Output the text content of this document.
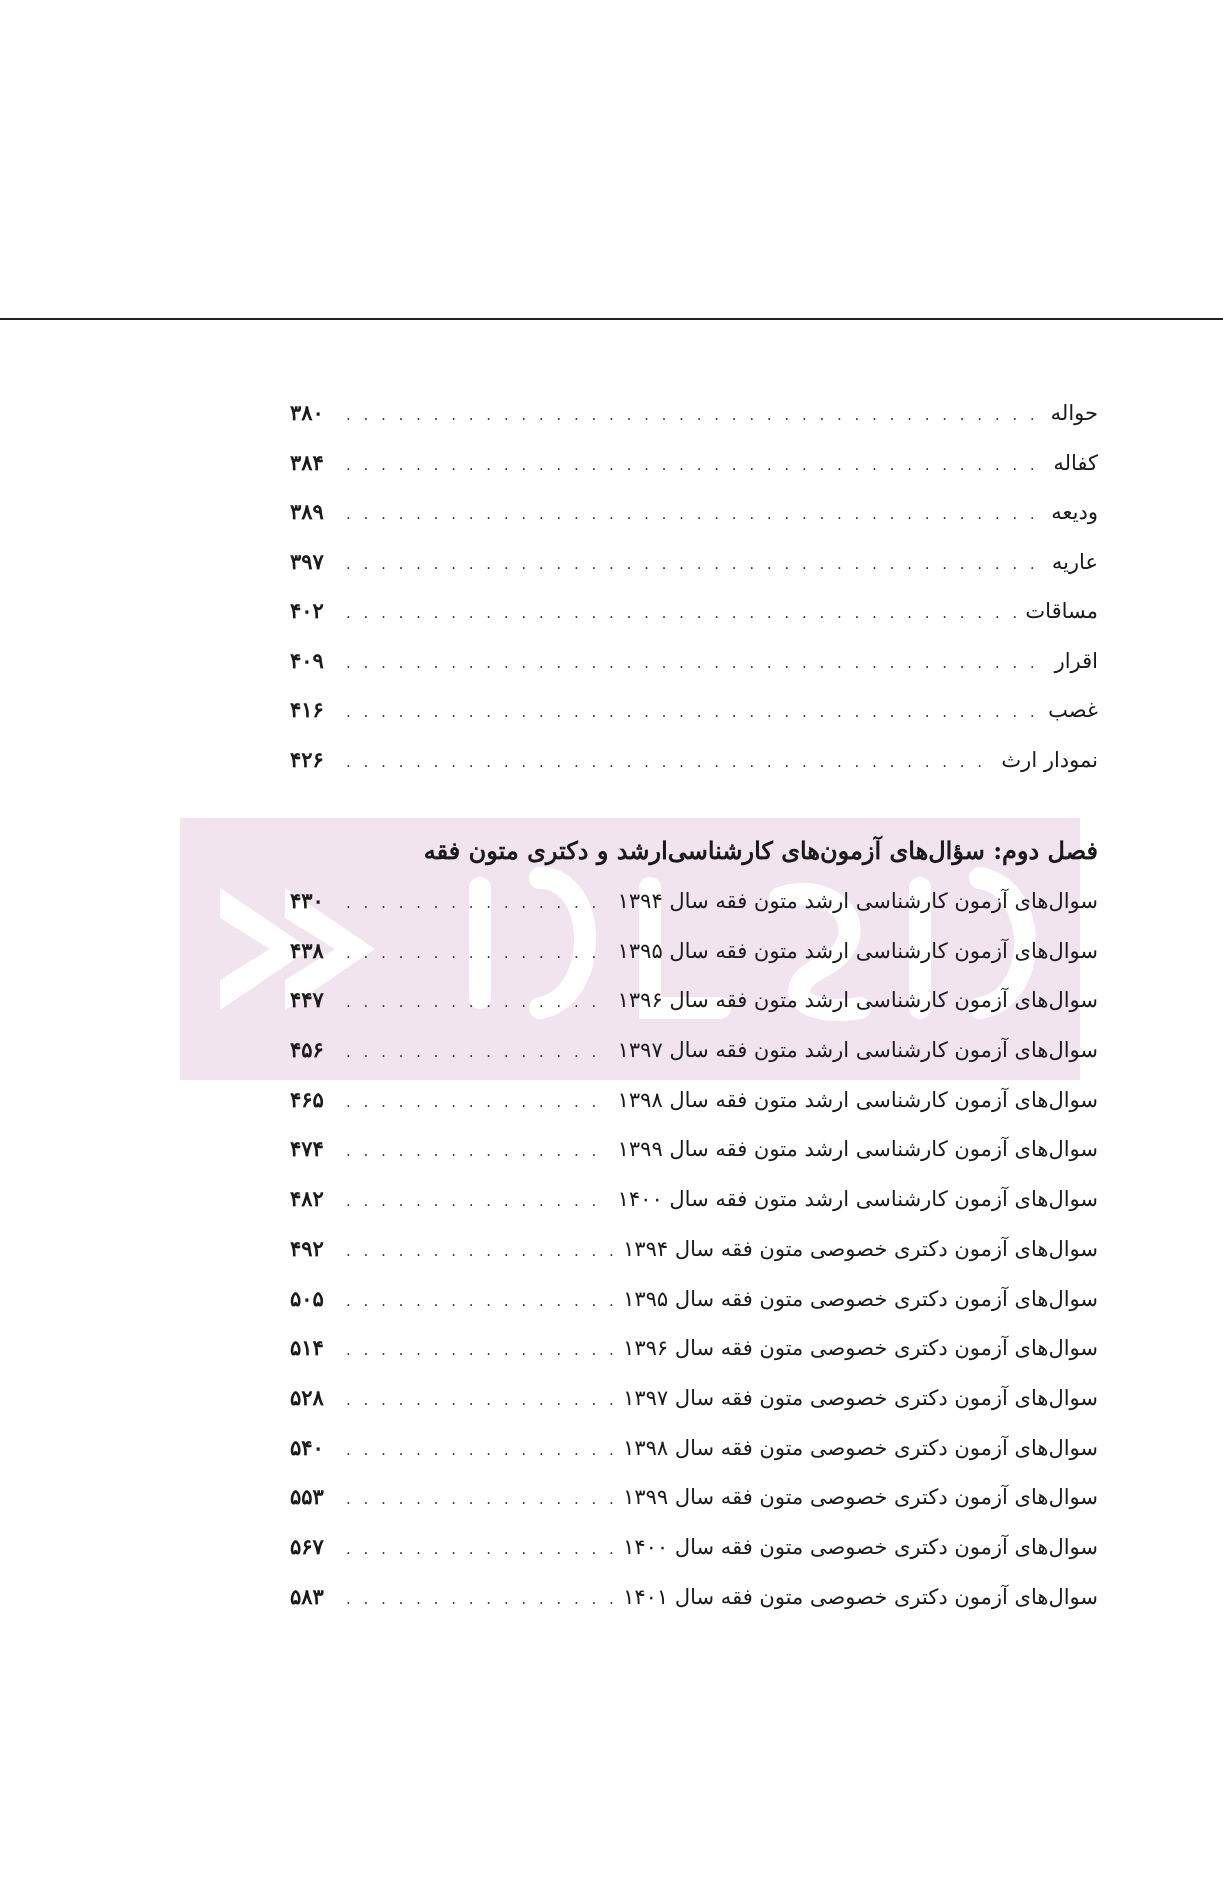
حواله
. . .
۳۸۰
کفاله
. . .
۳۸۴
ودیعه
. . .
۳۸۹
عاریه
. . .
۳۹۷
مساقات
. . .
۴۰۲
اقرار
. . .
۴۰۹
غصب
. . .
۴۱۶
نمودار ارث
. . .
۴۲۶
فصل دوم: سؤال‌های آزمون‌های کارشناسی‌ارشد و دکتری متون فقه
سوال‌های آزمون کارشناسی ارشد متون فقه سال ۱۳۹۴
. . .
۴۳۰
سوال‌های آزمون کارشناسی ارشد متون فقه سال ۱۳۹۵
. . .
۴۳۸
سوال‌های آزمون کارشناسی ارشد متون فقه سال ۱۳۹۶
. . .
۴۴۷
سوال‌های آزمون کارشناسی ارشد متون فقه سال ۱۳۹۷
. . .
۴۵۶
سوال‌های آزمون کارشناسی ارشد متون فقه سال ۱۳۹۸
. . .
۴۶۵
سوال‌های آزمون کارشناسی ارشد متون فقه سال ۱۳۹۹
. . .
۴۷۴
سوال‌های آزمون کارشناسی ارشد متون فقه سال ۱۴۰۰
. . .
۴۸۲
سوال‌های آزمون دکتری خصوصی متون فقه سال ۱۳۹۴
. . .
۴۹۲
سوال‌های آزمون دکتری خصوصی متون فقه سال ۱۳۹۵
. . .
۵۰۵
سوال‌های آزمون دکتری خصوصی متون فقه سال ۱۳۹۶
. . .
۵۱۴
سوال‌های آزمون دکتری خصوصی متون فقه سال ۱۳۹۷
. . .
۵۲۸
سوال‌های آزمون دکتری خصوصی متون فقه سال ۱۳۹۸
. . .
۵۴۰
سوال‌های آزمون دکتری خصوصی متون فقه سال ۱۳۹۹
. . .
۵۵۳
سوال‌های آزمون دکتری خصوصی متون فقه سال ۱۴۰۰
. . .
۵۶۷
سوال‌های آزمون دکتری خصوصی متون فقه سال ۱۴۰۱
. . .
۵۸۳
